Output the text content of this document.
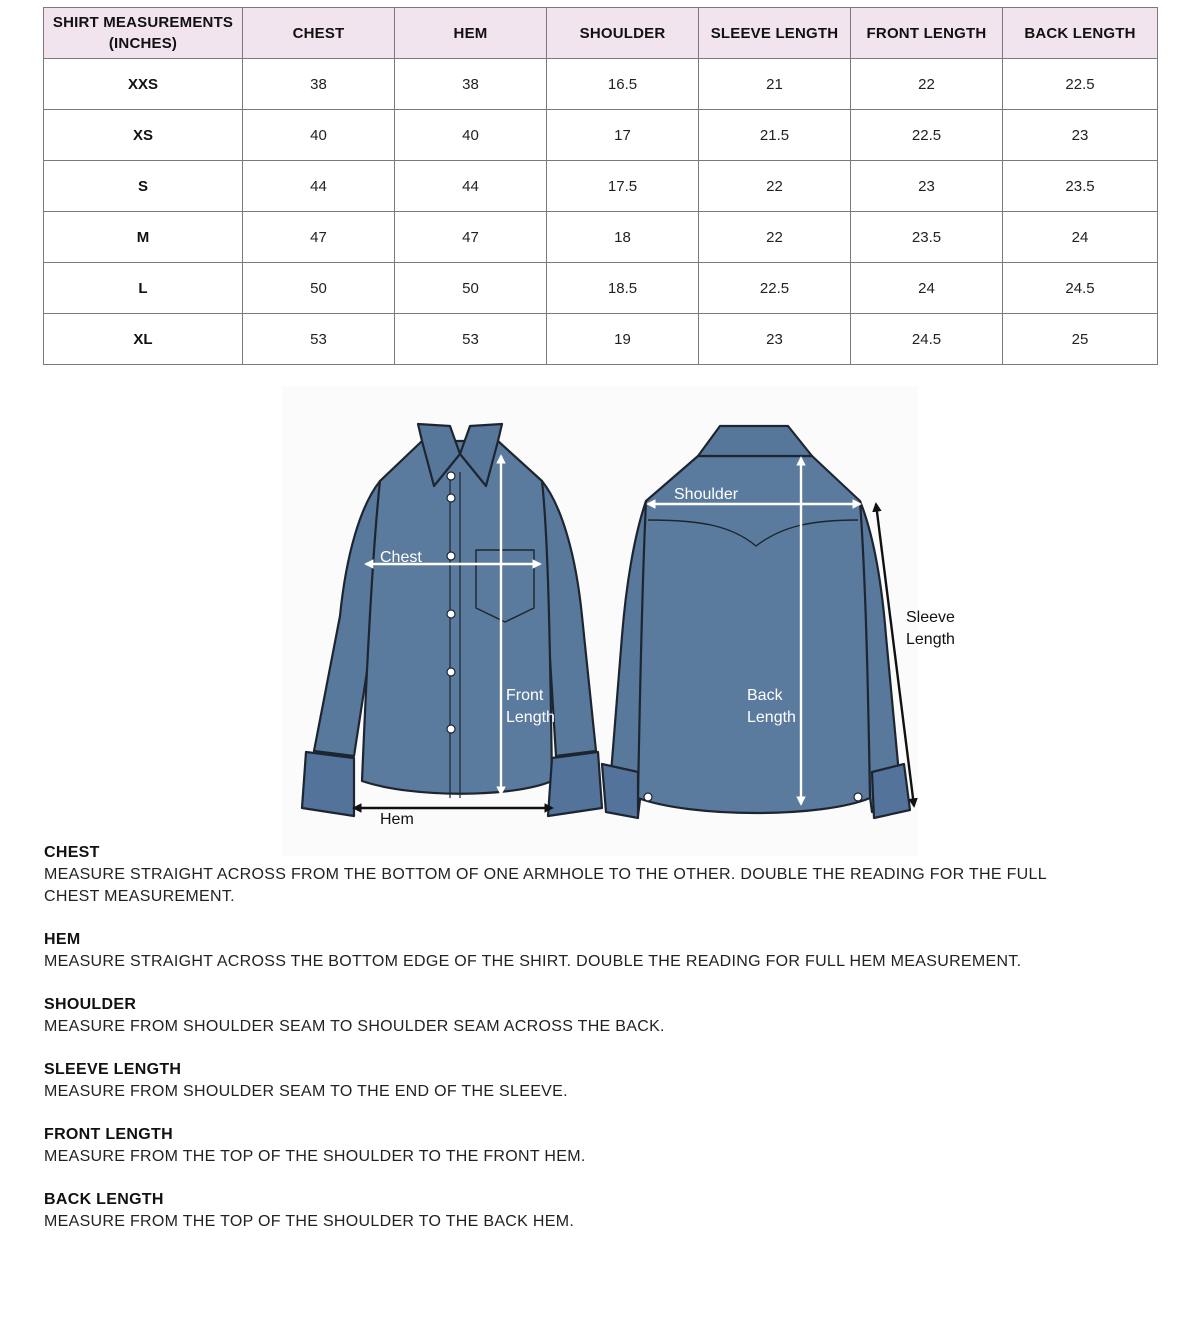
SHIRT MEASUREMENTS (INCHES)	CHEST	HEM	SHOULDER	SLEEVE LENGTH	FRONT LENGTH	BACK LENGTH
XXS	38	38	16.5	21	22	22.5
XS	40	40	17	21.5	22.5	23
S	44	44	17.5	22	23	23.5
M	47	47	18	22	23.5	24
L	50	50	18.5	22.5	24	24.5
XL	53	53	19	23	24.5	25
Chest
Front
Length
Hem
Shoulder
Back
Length
Sleeve
Length
CHEST
MEASURE STRAIGHT ACROSS FROM THE BOTTOM OF ONE ARMHOLE TO THE OTHER. DOUBLE THE READING FOR THE FULL CHEST MEASUREMENT.
HEM
MEASURE STRAIGHT ACROSS THE BOTTOM EDGE OF THE SHIRT. DOUBLE THE READING FOR FULL HEM MEASUREMENT.
SHOULDER
MEASURE FROM SHOULDER SEAM TO SHOULDER SEAM ACROSS THE BACK.
SLEEVE LENGTH
MEASURE FROM SHOULDER SEAM TO THE END OF THE SLEEVE.
FRONT LENGTH
MEASURE FROM THE TOP OF THE SHOULDER TO THE FRONT HEM.
BACK LENGTH
MEASURE FROM THE TOP OF THE SHOULDER TO THE BACK HEM.
